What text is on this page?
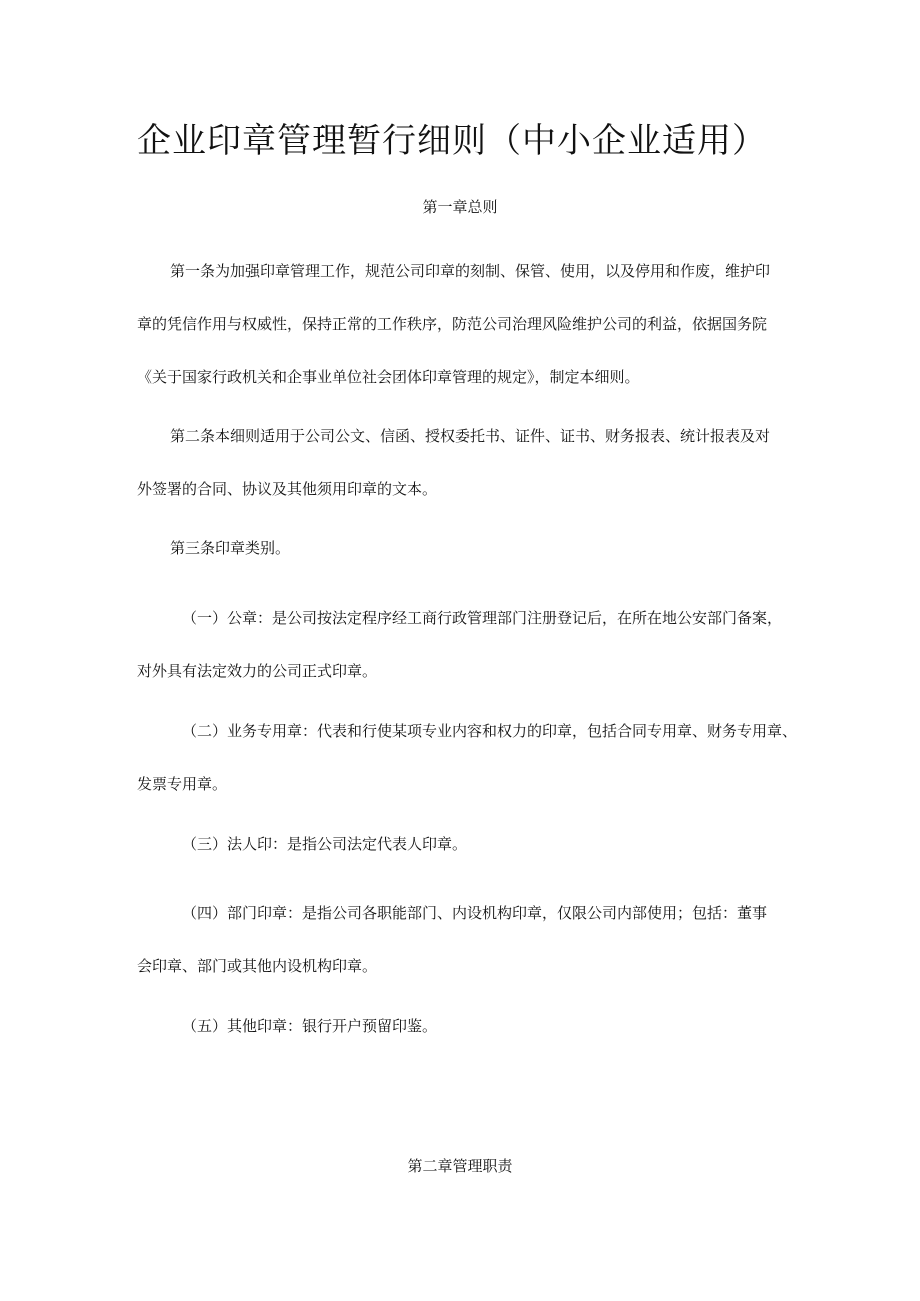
企业印章管理暂行细则（中小企业适用）
第一章总则

第一条为加强印章管理工作，规范公司印章的刻制、保管、使用，以及停用和作废，维护印
章的凭信作用与权威性，保持正常的工作秩序，防范公司治理风险维护公司的利益，依据国务院
《关于国家行政机关和企事业单位社会团体印章管理的规定》，制定本细则。

第二条本细则适用于公司公文、信函、授权委托书、证件、证书、财务报表、统计报表及对
外签署的合同、协议及其他须用印章的文本。

第三条印章类别。

（一）公章：是公司按法定程序经工商行政管理部门注册登记后，在所在地公安部门备案，
对外具有法定效力的公司正式印章。

（二）业务专用章：代表和行使某项专业内容和权力的印章，包括合同专用章、财务专用章、
发票专用章。

（三）法人印：是指公司法定代表人印章。

（四）部门印章：是指公司各职能部门、内设机构印章，仅限公司内部使用；包括：董事
会印章、部门或其他内设机构印章。

（五）其他印章：银行开户预留印鉴。

第二章管理职责
